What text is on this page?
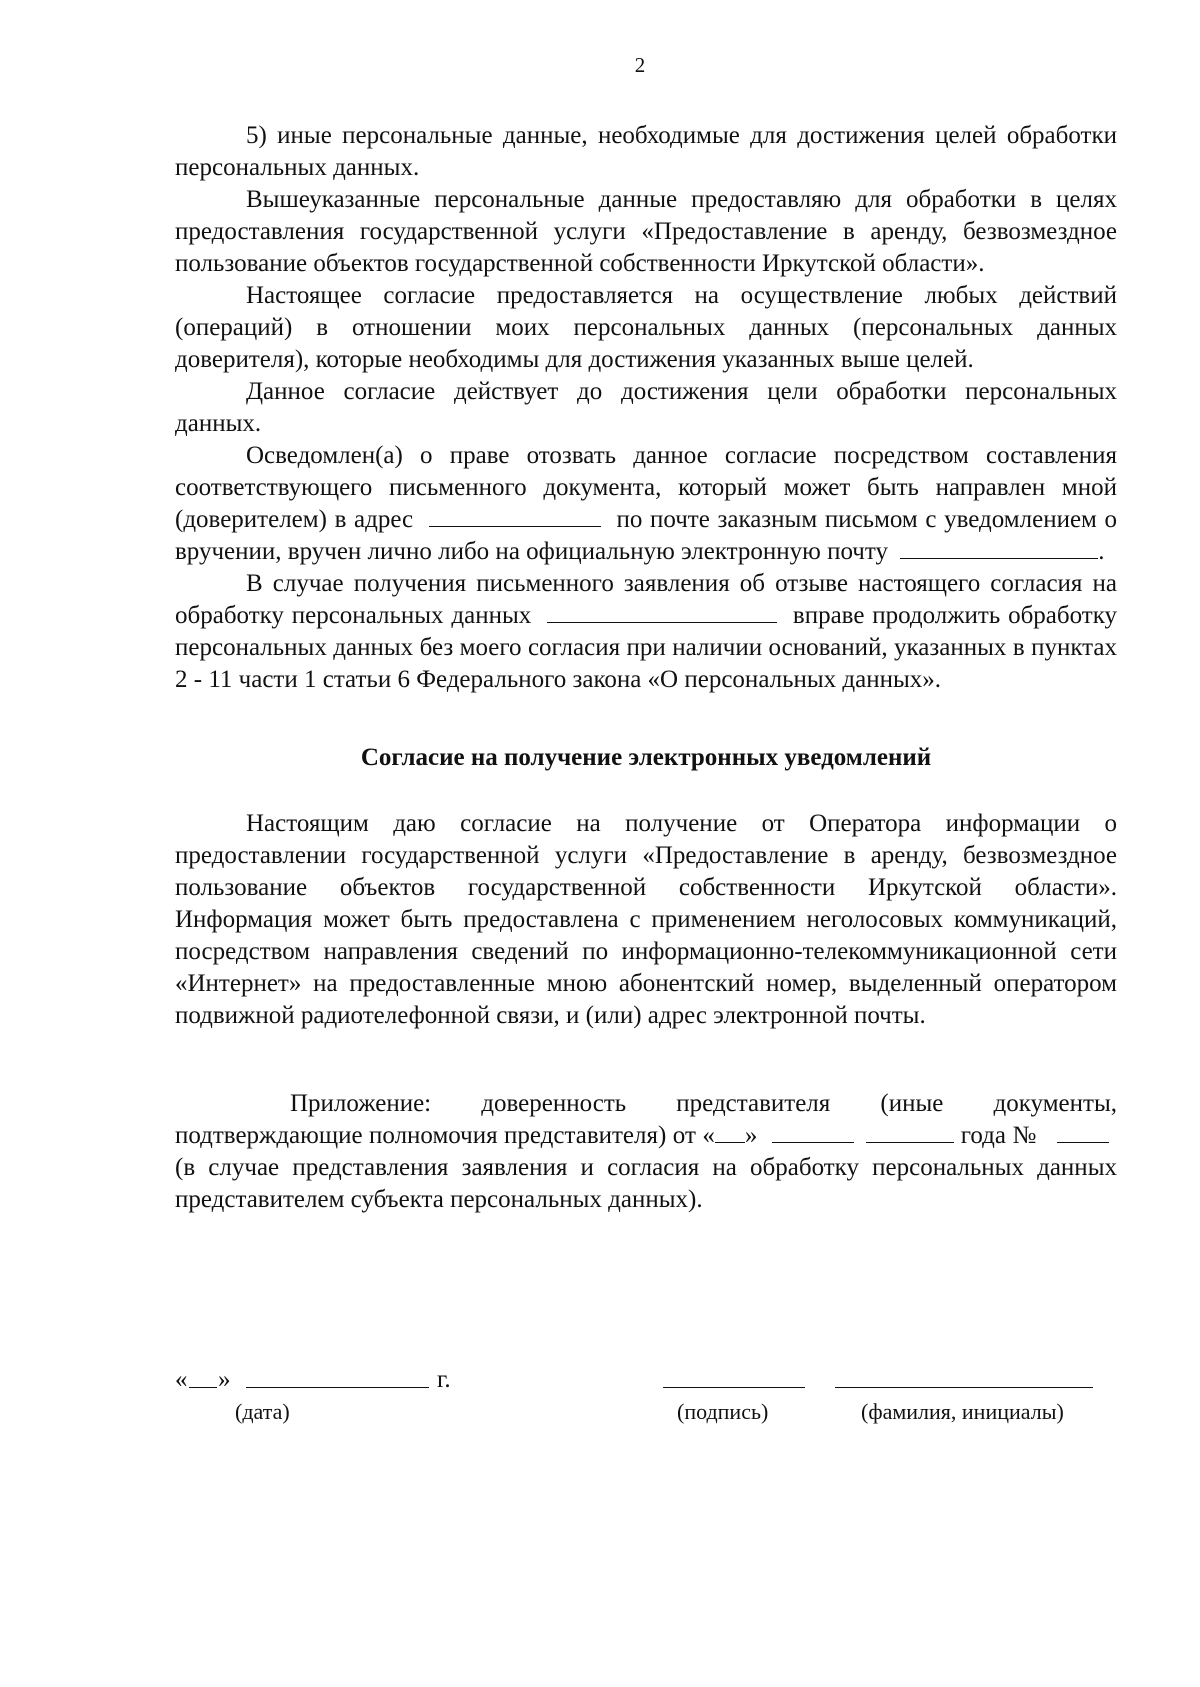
2

5) иные персональные данные, необходимые для достижения целей обработки персональных данных.

Вышеуказанные персональные данные предоставляю для обработки в целях предоставления государственной услуги «Предоставление в аренду, безвозмездное пользование объектов государственной собственности Иркутской области».

Настоящее согласие предоставляется на осуществление любых действий (операций) в отношении моих персональных данных (персональных данных доверителя), которые необходимы для достижения указанных выше целей.

Данное согласие действует до достижения цели обработки персональных данных.

Осведомлен(а) о праве отозвать данное согласие посредством составления соответствующего письменного документа, который может быть направлен мной (доверителем) в адрес	по почте заказным письмом с уведомлением о вручении, вручен лично либо на официальную электронную почту	.

В случае получения письменного заявления об отзыве настоящего согласия на обработку персональных данных	вправе продолжить обработку персональных данных без моего согласия при наличии оснований, указанных в пунктах 2 - 11 части 1 статьи 6 Федерального закона «О персональных данных».

Согласие на получение электронных уведомлений

Настоящим даю согласие на получение от Оператора информации о предоставлении государственной услуги «Предоставление в аренду, безвозмездное пользование объектов государственной собственности Иркутской области». Информация может быть предоставлена с применением неголосовых коммуникаций, посредством направления сведений по информационно-телекоммуникационной сети «Интернет» на предоставленные мною абонентский номер, выделенный оператором подвижной радиотелефонной связи, и (или) адрес электронной почты.

Приложение: доверенность представителя (иные документы, подтверждающие полномочия представителя) от « »	года №  (в случае представления заявления и согласия на обработку персональных данных представителем субъекта персональных данных).

« »	г.
(дата)	(подпись)	(фамилия, инициалы)
